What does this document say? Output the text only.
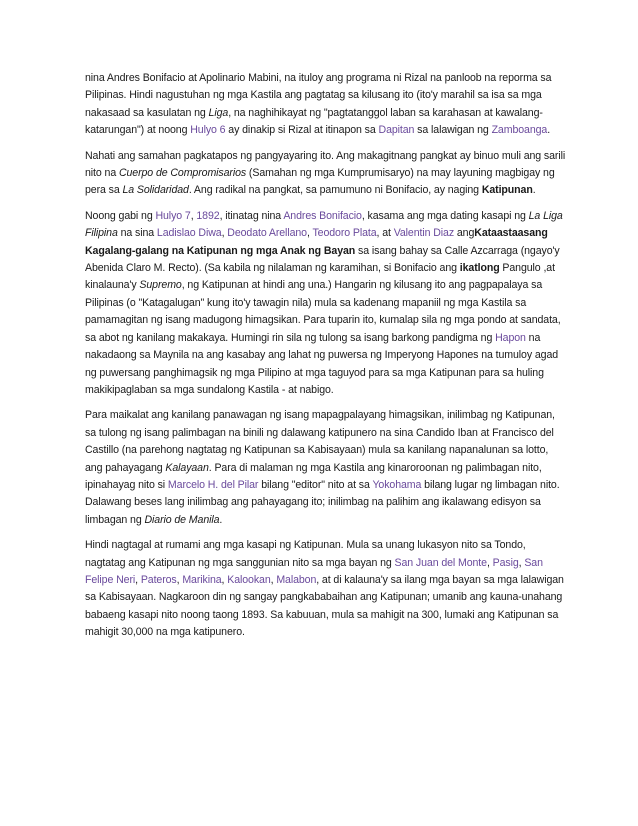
nina Andres Bonifacio at Apolinario Mabini, na ituloy ang programa ni Rizal na panloob na reporma sa Pilipinas. Hindi nagustuhan ng mga Kastila ang pagtatag sa kilusang ito (ito'y marahil sa isa sa mga nakasaad sa kasulatan ng Liga, na naghihikayat ng "pagtatanggol laban sa karahasan at kawalang-katarungan") at noong Hulyo 6 ay dinakip si Rizal at itinapon sa Dapitan sa lalawigan ng Zamboanga.

Nahati ang samahan pagkatapos ng pangyayaring ito. Ang makagitnang pangkat ay binuo muli ang sarili nito na Cuerpo de Compromisarios (Samahan ng mga Kumprumisaryo) na may layuning magbigay ng pera sa La Solidaridad. Ang radikal na pangkat, sa pamumuno ni Bonifacio, ay naging Katipunan.

Noong gabi ng Hulyo 7, 1892, itinatag nina Andres Bonifacio, kasama ang mga dating kasapi ng La Liga Filipina na sina Ladislao Diwa, Deodato Arellano, Teodoro Plata, at Valentin Diaz angKataastaasang Kagalang-galang na Katipunan ng mga Anak ng Bayan sa isang bahay sa Calle Azcarraga (ngayo'y Abenida Claro M. Recto). (Sa kabila ng nilalaman ng karamihan, si Bonifacio ang ikatlong Pangulo ,at kinalauna'y Supremo, ng Katipunan at hindi ang una.) Hangarin ng kilusang ito ang pagpapalaya sa Pilipinas (o "Katagalugan" kung ito'y tawagin nila) mula sa kadenang mapaniil ng mga Kastila sa pamamagitan ng isang madugong himagsikan. Para tuparin ito, kumalap sila ng mga pondo at sandata, sa abot ng kanilang makakaya. Humingi rin sila ng tulong sa isang barkong pandigma ng Hapon na nakadaong sa Maynila na ang kasabay ang lahat ng puwersa ng Imperyong Hapones na tumuloy agad ng puwersang panghimagsik ng mga Pilipino at mga taguyod para sa mga Katipunan para sa huling makikipaglaban sa mga sundalong Kastila - at nabigo.

Para maikalat ang kanilang panawagan ng isang mapagpalayang himagsikan, inilimbag ng Katipunan, sa tulong ng isang palimbagan na binili ng dalawang katipunero na sina Candido Iban at Francisco del Castillo (na parehong nagtatag ng Katipunan sa Kabisayaan) mula sa kanilang napanalunan sa lotto, ang pahayagang Kalayaan. Para di malaman ng mga Kastila ang kinaroroonan ng palimbagan nito, ipinahayag nito si Marcelo H. del Pilar bilang "editor" nito at sa Yokohama bilang lugar ng limbagan nito. Dalawang beses lang inilimbag ang pahayagang ito; inilimbag na palihim ang ikalawang edisyon sa limbagan ng Diario de Manila.

Hindi nagtagal at rumami ang mga kasapi ng Katipunan. Mula sa unang lukasyon nito sa Tondo, nagtatag ang Katipunan ng mga sanggunian nito sa mga bayan ng San Juan del Monte, Pasig, San Felipe Neri, Pateros, Marikina, Kalookan, Malabon, at di kalauna'y sa ilang mga bayan sa mga lalawigan sa Kabisayaan. Nagkaroon din ng sangay pangkababaihan ang Katipunan; umanib ang kauna-unahang babaeng kasapi nito noong taong 1893. Sa kabuuan, mula sa mahigit na 300, lumaki ang Katipunan sa mahigit 30,000 na mga katipunero.
